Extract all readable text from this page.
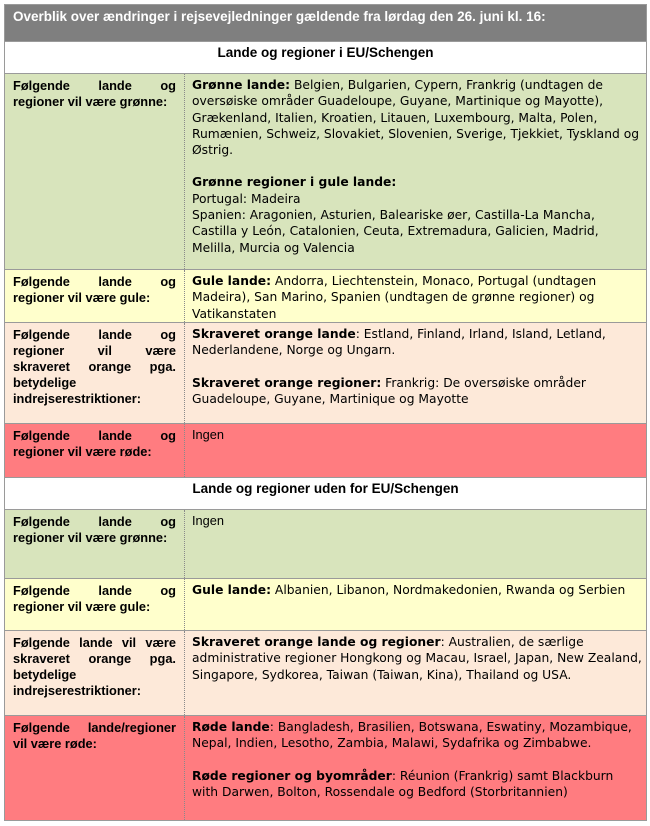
Overblik over ændringer i rejsevejledninger gældende fra lørdag den 26. juni kl. 16:
Lande og regioner i EU/Schengen
Følgende lande og regioner vil være grønne:

Grønne lande: Belgien, Bulgarien, Cypern, Frankrig (undtagen de oversøiske områder Guadeloupe, Guyane, Martinique og Mayotte), Grækenland, Italien, Kroatien, Litauen, Luxembourg, Malta, Polen, Rumænien, Schweiz, Slovakiet, Slovenien, Sverige, Tjekkiet, Tyskland og Østrig.

Grønne regioner i gule lande:
Portugal: Madeira
Spanien: Aragonien, Asturien, Baleariske øer, Castilla-La Mancha, Castilla y León, Catalonien, Ceuta, Extremadura, Galicien, Madrid, Melilla, Murcia og Valencia

Følgende lande og regioner vil være gule:

Gule lande: Andorra, Liechtenstein, Monaco, Portugal (undtagen Madeira), San Marino, Spanien (undtagen de grønne regioner) og Vatikanstaten

Følgende lande og regioner vil være skraveret orange pga. betydelige indrejserestriktioner:

Skraveret orange lande: Estland, Finland, Irland, Island, Letland, Nederlandene, Norge og Ungarn.

Skraveret orange regioner: Frankrig: De oversøiske områder Guadeloupe, Guyane, Martinique og Mayotte

Følgende lande og regioner vil være røde:
Ingen
Lande og regioner uden for EU/Schengen
Følgende lande og regioner vil være grønne:
Ingen
Følgende lande og regioner vil være gule:

Gule lande: Albanien, Libanon, Nordmakedonien, Rwanda og Serbien

Følgende lande vil være skraveret orange pga. betydelige indrejserestriktioner:

Skraveret orange lande og regioner: Australien, de særlige administrative regioner Hongkong og Macau, Israel, Japan, New Zealand, Singapore, Sydkorea, Taiwan (Taiwan, Kina), Thailand og USA.

Følgende lande/regioner vil være røde:

Røde lande: Bangladesh, Brasilien, Botswana, Eswatiny, Mozambique, Nepal, Indien, Lesotho, Zambia, Malawi, Sydafrika og Zimbabwe.

Røde regioner og byområder: Réunion (Frankrig) samt Blackburn with Darwen, Bolton, Rossendale og Bedford (Storbritannien)
